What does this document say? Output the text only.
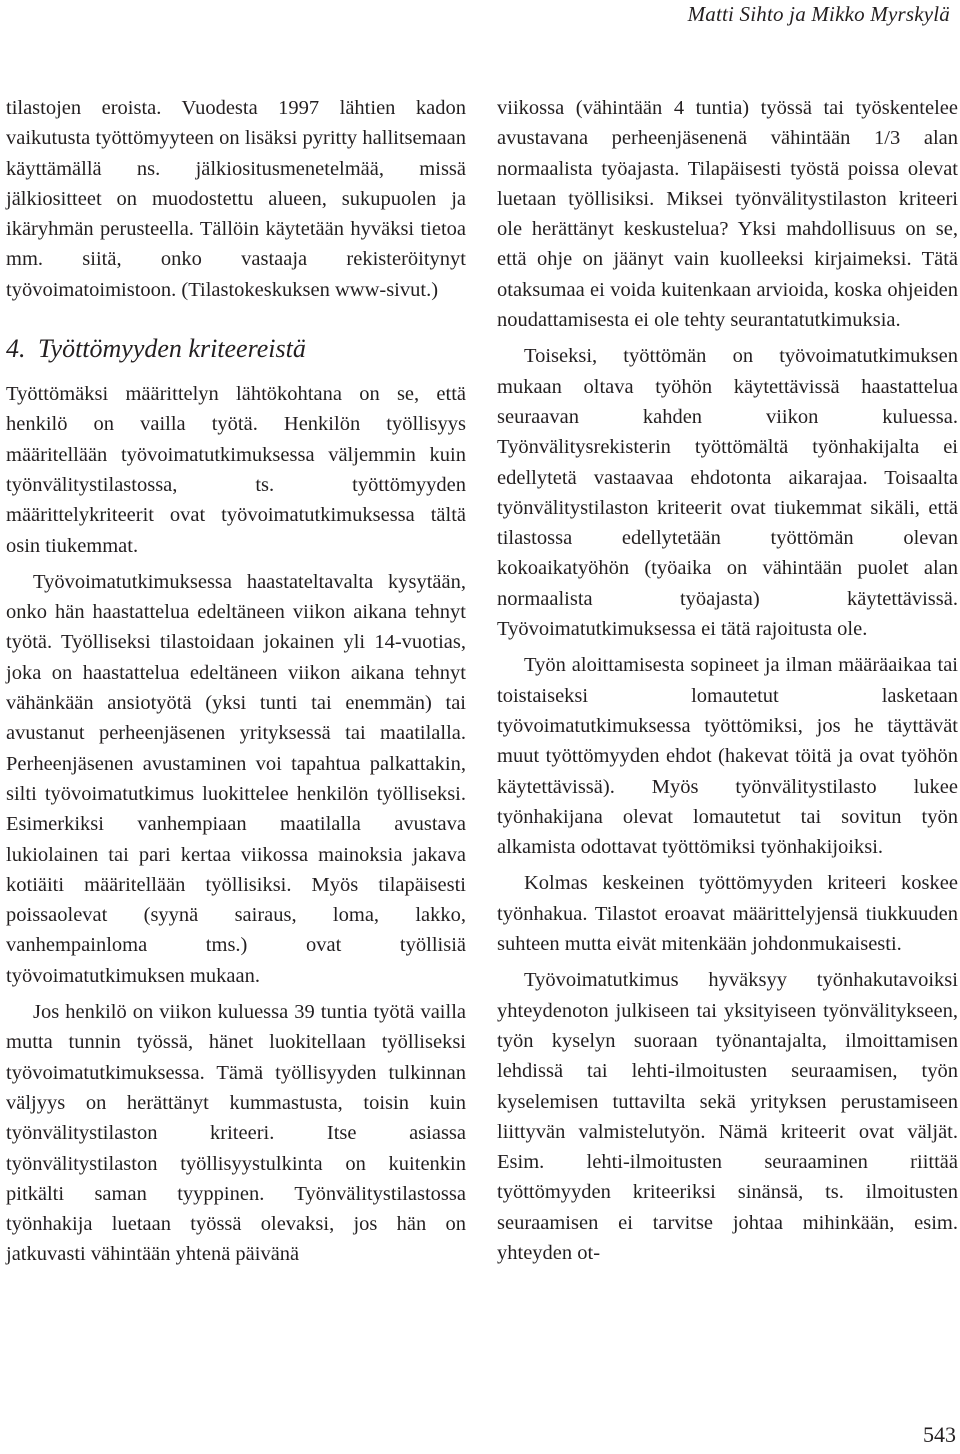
Matti Sihto ja Mikko Myrskylä

tilastojen eroista. Vuodesta 1997 lähtien kadon vaikutusta työttömyyteen on lisäksi pyritty hallitsemaan käyttämällä ns. jälkiositusmenetelmää, missä jälkiositteet on muodostettu alueen, sukupuolen ja ikäryhmän perusteella. Tällöin käytetään hyväksi tietoa mm. siitä, onko vastaaja rekisteröitynyt työvoimatoimistoon. (Tilastokeskuksen www-sivut.)

4. Työttömyyden kriteereistä

Työttömäksi määrittelyn lähtökohtana on se, että henkilö on vailla työtä. Henkilön työllisyys määritellään työvoimatutkimuksessa väljemmin kuin työnvälitystilastossa, ts. työttömyyden määrittelykriteerit ovat työvoimatutkimuksessa tältä osin tiukemmat.

Työvoimatutkimuksessa haastateltavalta kysytään, onko hän haastattelua edeltäneen viikon aikana tehnyt työtä. Työlliseksi tilastoidaan jokainen yli 14-vuotias, joka on haastattelua edeltäneen viikon aikana tehnyt vähänkään ansiotyötä (yksi tunti tai enemmän) tai avustanut perheenjäsenen yrityksessä tai maatilalla. Perheenjäsenen avustaminen voi tapahtua palkattakin, silti työvoimatutkimus luokittelee henkilön työlliseksi. Esimerkiksi vanhempiaan maatilalla avustava lukiolainen tai pari kertaa viikossa mainoksia jakava kotiäiti määritellään työllisiksi. Myös tilapäisesti poissaolevat (syynä sairaus, loma, lakko, vanhempainloma tms.) ovat työllisiä työvoimatutkimuksen mukaan.

Jos henkilö on viikon kuluessa 39 tuntia työtä vailla mutta tunnin työssä, hänet luokitellaan työlliseksi työvoimatutkimuksessa. Tämä työllisyyden tulkinnan väljyys on herättänyt kummastusta, toisin kuin työnvälitystilaston kriteeri. Itse asiassa työnvälitystilaston työllisyystulkinta on kuitenkin pitkälti saman tyyppinen. Työnvälitystilastossa työnhakija luetaan työssä olevaksi, jos hän on jatkuvasti vähintään yhtenä päivänä

viikossa (vähintään 4 tuntia) työssä tai työskentelee avustavana perheenjäsenenä vähintään 1/3 alan normaalista työajasta. Tilapäisesti työstä poissa olevat luetaan työllisiksi. Miksei työnvälitystilaston kriteeri ole herättänyt keskustelua? Yksi mahdollisuus on se, että ohje on jäänyt vain kuolleeksi kirjaimeksi. Tätä otaksumaa ei voida kuitenkaan arvioida, koska ohjeiden noudattamisesta ei ole tehty seurantatutkimuksia.

Toiseksi, työttömän on työvoimatutkimuksen mukaan oltava työhön käytettävissä haastattelua seuraavan kahden viikon kuluessa. Työnvälitysrekisterin työttömältä työnhakijalta ei edellytetä vastaavaa ehdotonta aikarajaa. Toisaalta työnvälitystilaston kriteerit ovat tiukemmat sikäli, että tilastossa edellytetään työttömän olevan kokoaikatyöhön (työaika on vähintään puolet alan normaalista työajasta) käytettävissä. Työvoimatutkimuksessa ei tätä rajoitusta ole.

Työn aloittamisesta sopineet ja ilman määräaikaa tai toistaiseksi lomautetut lasketaan työvoimatutkimuksessa työttömiksi, jos he täyttävät muut työttömyyden ehdot (hakevat töitä ja ovat työhön käytettävissä). Myös työnvälitystilasto lukee työnhakijana olevat lomautetut tai sovitun työn alkamista odottavat työttömiksi työnhakijoiksi.

Kolmas keskeinen työttömyyden kriteeri koskee työnhakua. Tilastot eroavat määrittelyjensä tiukkuuden suhteen mutta eivät mitenkään johdonmukaisesti.

Työvoimatutkimus hyväksyy työnhakutavoiksi yhteydenoton julkiseen tai yksityiseen työnvälitykseen, työn kyselyn suoraan työnantajalta, ilmoittamisen lehdissä tai lehti-ilmoitusten seuraamisen, työn kyselemisen tuttavilta sekä yrityksen perustamiseen liittyvän valmistelutyön. Nämä kriteerit ovat väljät. Esim. lehti-ilmoitusten seuraaminen riittää työttömyyden kriteeriksi sinänsä, ts. ilmoitusten seuraamisen ei tarvitse johtaa mihinkään, esim. yhteyden ot-

543
